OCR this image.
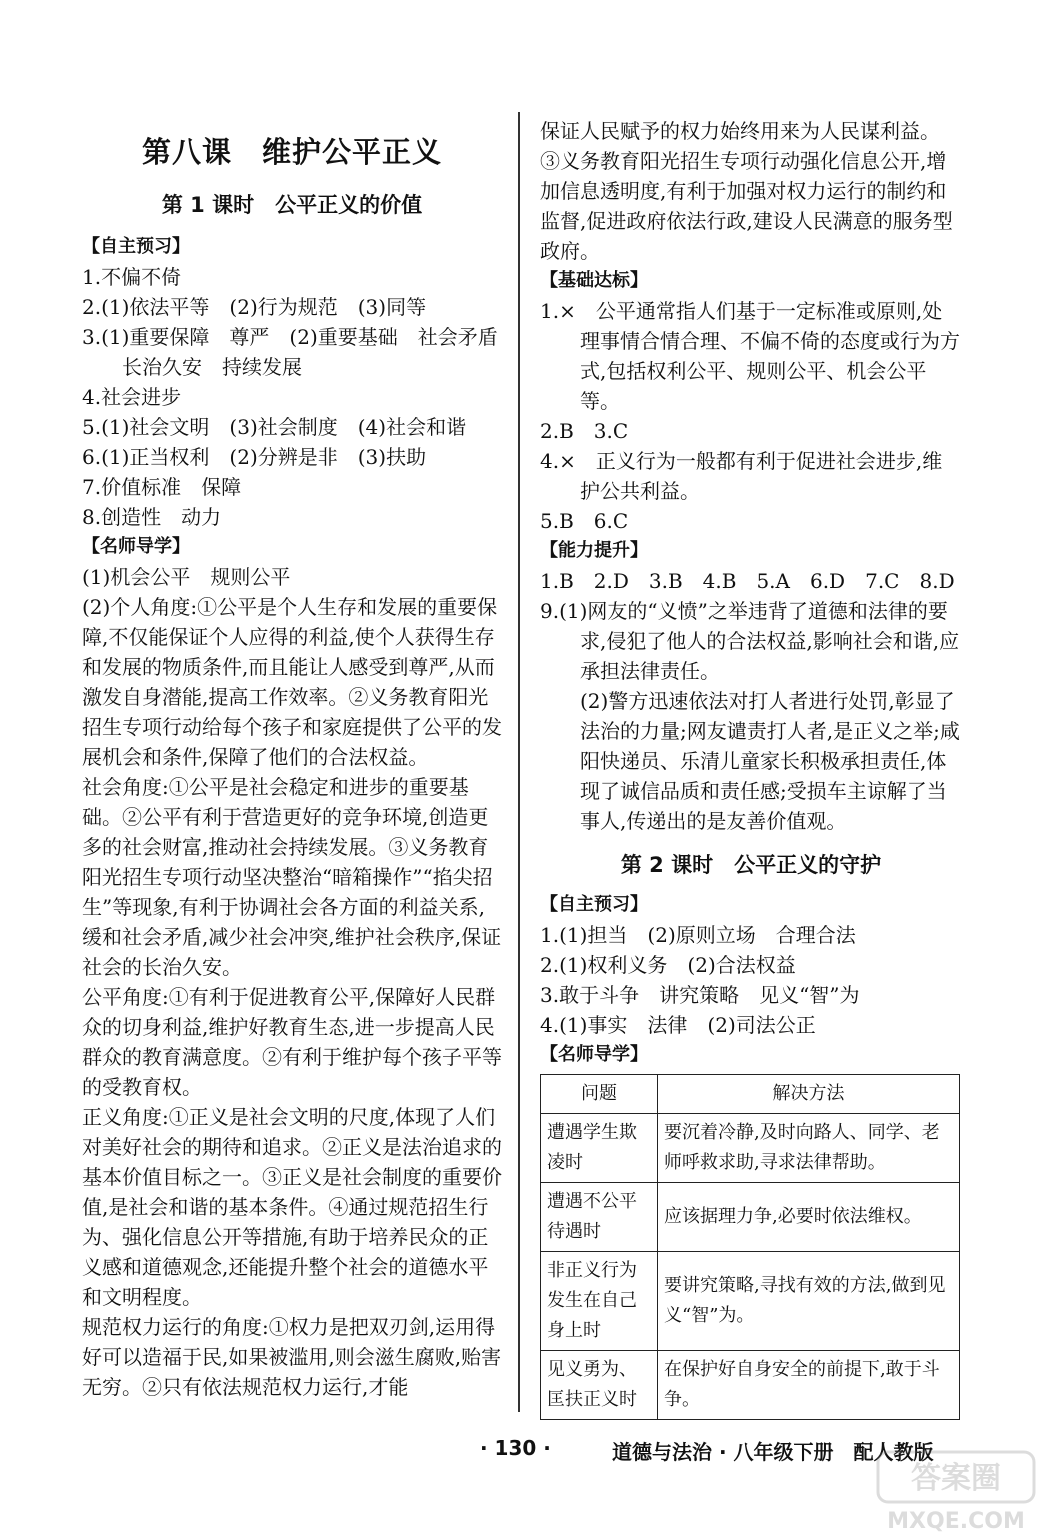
第八课　维护公平正义
第 1 课时　公平正义的价值
【自主预习】
1.不偏不倚
2.(1)依法平等　(2)行为规范　(3)同等
3.(1)重要保障　尊严　(2)重要基础　社会矛盾　长治久安　持续发展
4.社会进步
5.(1)社会文明　(3)社会制度　(4)社会和谐
6.(1)正当权利　(2)分辨是非　(3)扶助
7.价值标准　保障
8.创造性　动力
【名师导学】
(1)机会公平　规则公平
(2)个人角度:①公平是个人生存和发展的重要保障,不仅能保证个人应得的利益,使个人获得生存和发展的物质条件,而且能让人感受到尊严,从而激发自身潜能,提高工作效率。②义务教育阳光招生专项行动给每个孩子和家庭提供了公平的发展机会和条件,保障了他们的合法权益。
社会角度:①公平是社会稳定和进步的重要基础。②公平有利于营造更好的竞争环境,创造更多的社会财富,推动社会持续发展。③义务教育阳光招生专项行动坚决整治“暗箱操作”“掐尖招生”等现象,有利于协调社会各方面的利益关系,缓和社会矛盾,减少社会冲突,维护社会秩序,保证社会的长治久安。
公平角度:①有利于促进教育公平,保障好人民群众的切身利益,维护好教育生态,进一步提高人民群众的教育满意度。②有利于维护每个孩子平等的受教育权。
正义角度:①正义是社会文明的尺度,体现了人们对美好社会的期待和追求。②正义是法治追求的基本价值目标之一。③正义是社会制度的重要价值,是社会和谐的基本条件。④通过规范招生行为、强化信息公开等措施,有助于培养民众的正义感和道德观念,还能提升整个社会的道德水平和文明程度。
规范权力运行的角度:①权力是把双刃剑,运用得好可以造福于民,如果被滥用,则会滋生腐败,贻害无穷。②只有依法规范权力运行,才能
保证人民赋予的权力始终用来为人民谋利益。
③义务教育阳光招生专项行动强化信息公开,增加信息透明度,有利于加强对权力运行的制约和监督,促进政府依法行政,建设人民满意的服务型政府。
【基础达标】
1.×　公平通常指人们基于一定标准或原则,处理事情合情合理、不偏不倚的态度或行为方式,包括权利公平、规则公平、机会公平等。
2.B　3.C
4.×　正义行为一般都有利于促进社会进步,维护公共利益。
5.B　6.C
【能力提升】
1.B　2.D　3.B　4.B　5.A　6.D　7.C　8.D
9.(1)网友的“义愤”之举违背了道德和法律的要求,侵犯了他人的合法权益,影响社会和谐,应承担法律责任。
(2)警方迅速依法对打人者进行处罚,彰显了法治的力量;网友谴责打人者,是正义之举;咸阳快递员、乐清儿童家长积极承担责任,体现了诚信品质和责任感;受损车主谅解了当事人,传递出的是友善价值观。
第 2 课时　公平正义的守护
【自主预习】
1.(1)担当　(2)原则立场　合理合法
2.(1)权利义务　(2)合法权益
3.敢于斗争　讲究策略　见义“智”为
4.(1)事实　法律　(2)司法公正
【名师导学】
问题	解决方法
遭遇学生欺凌时	要沉着冷静,及时向路人、同学、老师呼救求助,寻求法律帮助。
遭遇不公平待遇时	应该据理力争,必要时依法维权。
非正义行为发生在自己身上时	要讲究策略,寻找有效的方法,做到见义“智”为。
见义勇为、匡扶正义时	在保护好自身安全的前提下,敢于斗争。
· 130 ·	道德与法治 · 八年级下册　配人教版
答案圈
MXQE.COM
